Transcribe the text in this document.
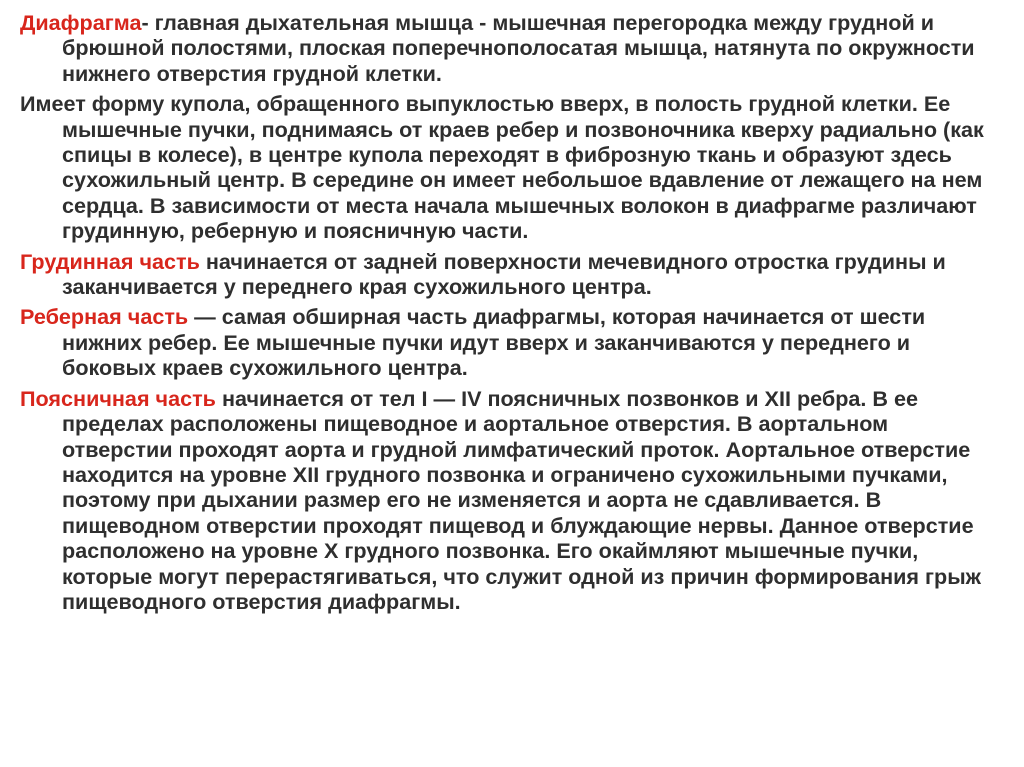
Диафрагма- главная дыхательная мышца - мышечная перегородка между грудной и брюшной полостями, плоская поперечнополосатая мышца, натянута по окружности нижнего отверстия грудной клетки.

Имеет форму купола, обращенного выпуклостью вверх, в полость грудной клетки. Ее мышечные пучки, поднимаясь от краев ребер и позвоночника кверху радиально (как спицы в колесе), в центре купола переходят в фиброзную ткань и образуют здесь сухожильный центр. В середине он имеет небольшое вдавление от лежащего на нем сердца. В зависимости от места начала мышечных волокон в диафрагме различают грудинную, реберную и поясничную части.

Грудинная часть начинается от задней поверхности мечевидного отростка грудины и заканчивается у переднего края сухожильного центра.

Реберная часть — самая обширная часть диафрагмы, которая начинается от шести нижних ребер. Ее мышечные пучки идут вверх и заканчиваются у переднего и боковых краев сухожильного центра.

Поясничная часть начинается от тел I — IV поясничных позвонков и XII ребра. В ее пределах расположены пищеводное и аортальное отверстия. В аортальном отверстии проходят аорта и грудной лимфатический проток. Аортальное отверстие находится на уровне XII грудного позвонка и ограничено сухожильными пучками, поэтому при дыхании размер его не изменяется и аорта не сдавливается. В пищеводном отверстии проходят пищевод и блуждающие нервы. Данное отверстие расположено на уровне X грудного позвонка. Его окаймляют мышечные пучки, которые могут перерастягиваться, что служит одной из причин формирования грыж пищеводного отверстия диафрагмы.
